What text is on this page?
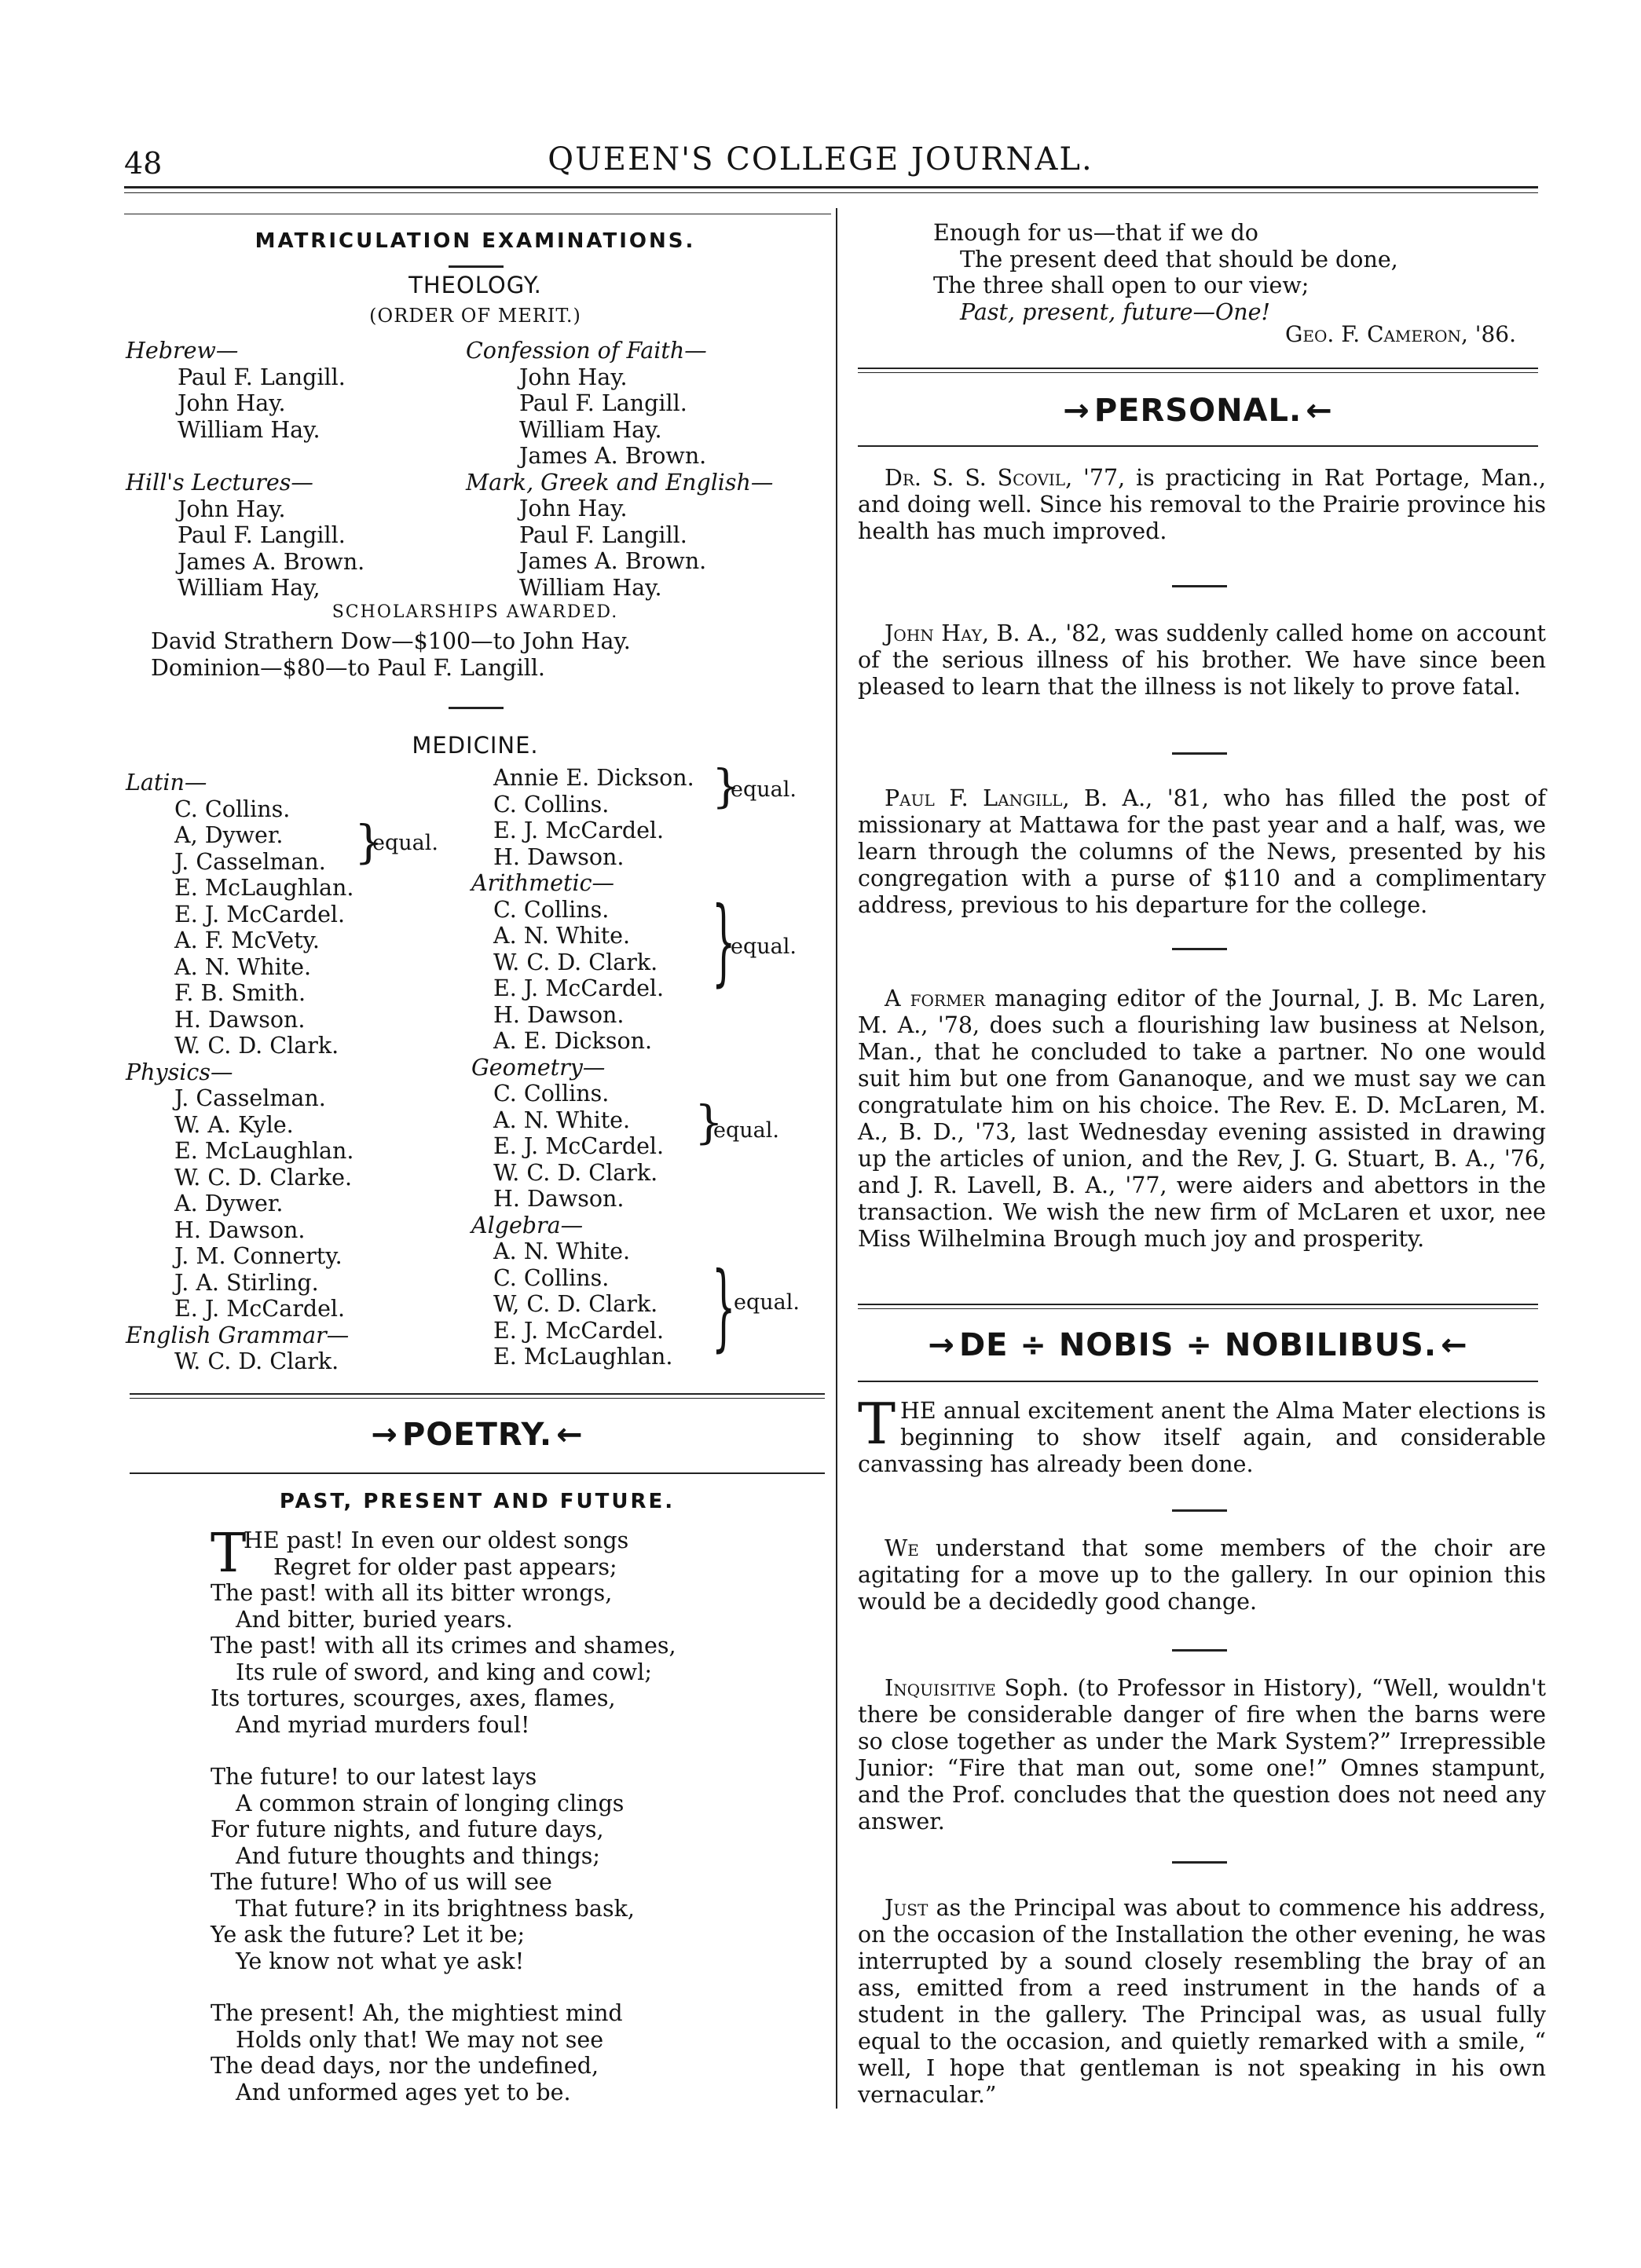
48	QUEEN'S COLLEGE JOURNAL.
MATRICULATION EXAMINATIONS.
THEOLOGY.
(ORDER OF MERIT.)
Hebrew—
Paul F. Langill.
John Hay.
William Hay.
Hill's Lectures—
John Hay.
Paul F. Langill.
James A. Brown.
William Hay,
Confession of Faith—
John Hay.
Paul F. Langill.
William Hay.
James A. Brown.
Mark, Greek and English—
John Hay.
Paul F. Langill.
James A. Brown.
William Hay.
SCHOLARSHIPS AWARDED.
David Strathern Dow—$100—to John Hay.
Dominion—$80—to Paul F. Langill.
MEDICINE.
Latin—
C. Collins.
A, Dywer.
J. Casselman.
E. McLaughlan.
E. J. McCardel.
A. F. McVety.
A. N. White.
F. B. Smith.
H. Dawson.
W. C. D. Clark.
Physics—
J. Casselman.
W. A. Kyle.
E. McLaughlan.
W. C. D. Clarke.
A. Dywer.
H. Dawson.
J. M. Connerty.
J. A. Stirling.
E. J. McCardel.
English Grammar—
W. C. D. Clark.
}
equal.
Annie E. Dickson.
C. Collins.
E. J. McCardel.
H. Dawson.
Arithmetic—
C. Collins.
A. N. White.
W. C. D. Clark.
E. J. McCardel.
H. Dawson.
A. E. Dickson.
Geometry—
C. Collins.
A. N. White.
E. J. McCardel.
W. C. D. Clark.
H. Dawson.
Algebra—
A. N. White.
C. Collins.
W, C. D. Clark.
E. J. McCardel.
E. McLaughlan.
}
equal.
}
equal.
}
equal.
}
equal.
→ POETRY. ←
PAST, PRESENT AND FUTURE.
T
HE past! In even our oldest songs
Regret for older past appears;
The past! with all its bitter wrongs,
And bitter, buried years.
The past! with all its crimes and shames,
Its rule of sword, and king and cowl;
Its tortures, scourges, axes, flames,
And myriad murders foul!
The future! to our latest lays
A common strain of longing clings
For future nights, and future days,
And future thoughts and things;
The future! Who of us will see
That future? in its brightness bask,
Ye ask the future? Let it be;
Ye know not what ye ask!
The present! Ah, the mightiest mind
Holds only that! We may not see
The dead days, nor the undefined,
And unformed ages yet to be.
Enough for us—that if we do
The present deed that should be done,
The three shall open to our view;
Past, present, future—One!
Geo. F. Cameron, '86.
→ PERSONAL. ←
Dr. S. S. Scovil, '77, is practicing in Rat Portage, Man., and doing well. Since his removal to the Prairie province his health has much improved.
John Hay, B. A., '82, was suddenly called home on account of the serious illness of his brother. We have since been pleased to learn that the illness is not likely to prove fatal.
Paul F. Langill, B. A., '81, who has filled the post of missionary at Mattawa for the past year and a half, was, we learn through the columns of the News, presented by his congregation with a purse of $110 and a complimentary address, previous to his departure for the college.
A former managing editor of the Journal, J. B. Mc Laren, M. A., '78, does such a flourishing law business at Nelson, Man., that he concluded to take a partner. No one would suit him but one from Gananoque, and we must say we can congratulate him on his choice. The Rev. E. D. McLaren, M. A., B. D., '73, last Wednesday evening assisted in drawing up the articles of union, and the Rev, J. G. Stuart, B. A., '76, and J. R. Lavell, B. A., '77, were aiders and abettors in the transaction. We wish the new firm of McLaren et uxor, nee Miss Wilhelmina Brough much joy and prosperity.
→ DE ÷ NOBIS ÷ NOBILIBUS. ←
THE annual excitement anent the Alma Mater elections is beginning to show itself again, and considerable canvassing has already been done.
We understand that some members of the choir are agitating for a move up to the gallery. In our opinion this would be a decidedly good change.
Inquisitive Soph. (to Professor in History), “Well, wouldn't there be considerable danger of fire when the barns were so close together as under the Mark System?” Irrepressible Junior: “Fire that man out, some one!” Omnes stampunt, and the Prof. concludes that the question does not need any answer.
Just as the Principal was about to commence his address, on the occasion of the Installation the other evening, he was interrupted by a sound closely resembling the bray of an ass, emitted from a reed instrument in the hands of a student in the gallery. The Principal was, as usual fully equal to the occasion, and quietly remarked with a smile, “ well, I hope that gentleman is not speaking in his own vernacular.”
